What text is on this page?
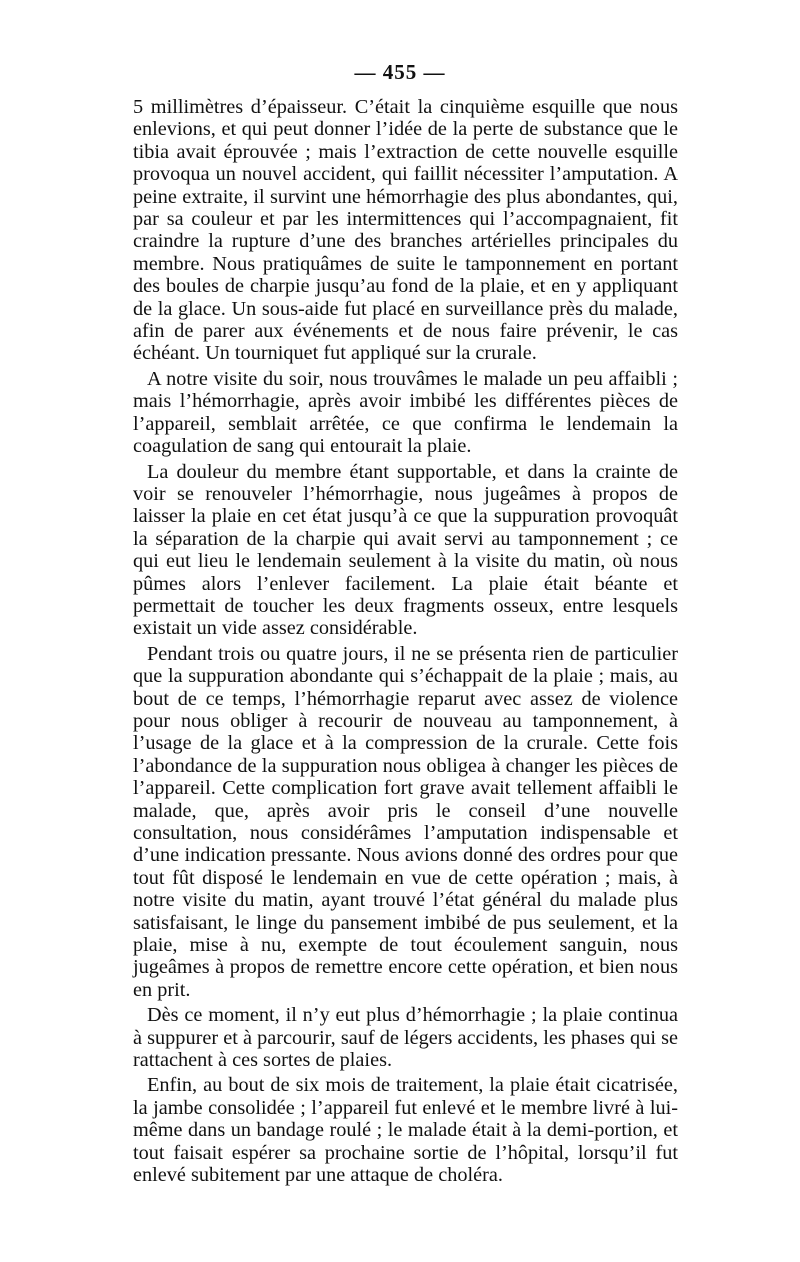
— 455 —

5 millimètres d’épaisseur. C’était la cinquième esquille que nous enlevions, et qui peut donner l’idée de la perte de substance que le tibia avait éprouvée ; mais l’extraction de cette nouvelle esquille provoqua un nouvel accident, qui faillit nécessiter l’amputation. A peine extraite, il survint une hémorrhagie des plus abondantes, qui, par sa couleur et par les intermittences qui l’accompagnaient, fit craindre la rupture d’une des branches artérielles principales du membre. Nous pratiquâmes de suite le tamponnement en portant des boules de charpie jusqu’au fond de la plaie, et en y appliquant de la glace. Un sous-aide fut placé en surveillance près du malade, afin de parer aux événements et de nous faire prévenir, le cas échéant. Un tourniquet fut appliqué sur la crurale.

A notre visite du soir, nous trouvâmes le malade un peu affaibli ; mais l’hémorrhagie, après avoir imbibé les différentes pièces de l’appareil, semblait arrêtée, ce que confirma le lendemain la coagulation de sang qui entourait la plaie.

La douleur du membre étant supportable, et dans la crainte de voir se renouveler l’hémorrhagie, nous jugeâmes à propos de laisser la plaie en cet état jusqu’à ce que la suppuration provoquât la séparation de la charpie qui avait servi au tamponnement ; ce qui eut lieu le lendemain seulement à la visite du matin, où nous pûmes alors l’enlever facilement. La plaie était béante et permettait de toucher les deux fragments osseux, entre lesquels existait un vide assez considérable.

Pendant trois ou quatre jours, il ne se présenta rien de particulier que la suppuration abondante qui s’échappait de la plaie ; mais, au bout de ce temps, l’hémorrhagie reparut avec assez de violence pour nous obliger à recourir de nouveau au tamponnement, à l’usage de la glace et à la compression de la crurale. Cette fois l’abondance de la suppuration nous obligea à changer les pièces de l’appareil. Cette complication fort grave avait tellement affaibli le malade, que, après avoir pris le conseil d’une nouvelle consultation, nous considérâmes l’amputation indispensable et d’une indication pressante. Nous avions donné des ordres pour que tout fût disposé le lendemain en vue de cette opération ; mais, à notre visite du matin, ayant trouvé l’état général du malade plus satisfaisant, le linge du pansement imbibé de pus seulement, et la plaie, mise à nu, exempte de tout écoulement sanguin, nous jugeâmes à propos de remettre encore cette opération, et bien nous en prit.

Dès ce moment, il n’y eut plus d’hémorrhagie ; la plaie continua à suppurer et à parcourir, sauf de légers accidents, les phases qui se rattachent à ces sortes de plaies.

Enfin, au bout de six mois de traitement, la plaie était cicatrisée, la jambe consolidée ; l’appareil fut enlevé et le membre livré à lui-même dans un bandage roulé ; le malade était à la demi-portion, et tout faisait espérer sa prochaine sortie de l’hôpital, lorsqu’il fut enlevé subitement par une attaque de choléra.
